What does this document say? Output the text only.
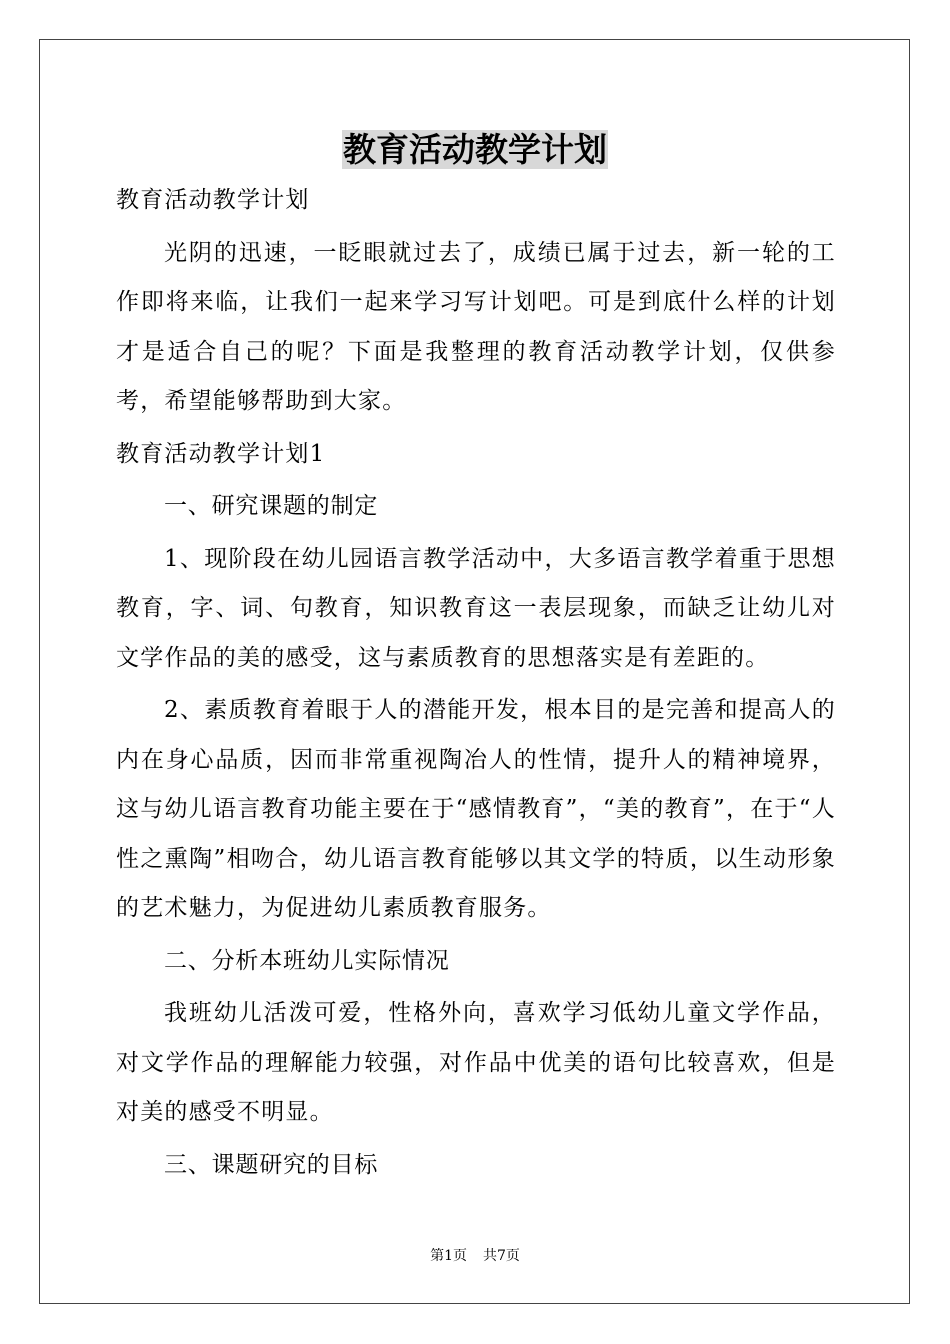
教育活动教学计划

教育活动教学计划

光阴的迅速，一眨眼就过去了，成绩已属于过去，新一轮的工作即将来临，让我们一起来学习写计划吧。可是到底什么样的计划才是适合自己的呢？下面是我整理的教育活动教学计划，仅供参考，希望能够帮助到大家。

教育活动教学计划1

一、研究课题的制定

1、现阶段在幼儿园语言教学活动中，大多语言教学着重于思想教育，字、词、句教育，知识教育这一表层现象，而缺乏让幼儿对文学作品的美的感受，这与素质教育的思想落实是有差距的。

2、素质教育着眼于人的潜能开发，根本目的是完善和提高人的内在身心品质，因而非常重视陶冶人的性情，提升人的精神境界，这与幼儿语言教育功能主要在于“感情教育”，“美的教育”，在于“人性之熏陶”相吻合，幼儿语言教育能够以其文学的特质，以生动形象的艺术魅力，为促进幼儿素质教育服务。

二、分析本班幼儿实际情况

我班幼儿活泼可爱，性格外向，喜欢学习低幼儿童文学作品，对文学作品的理解能力较强，对作品中优美的语句比较喜欢，但是对美的感受不明显。

三、课题研究的目标

第1页 共7页
